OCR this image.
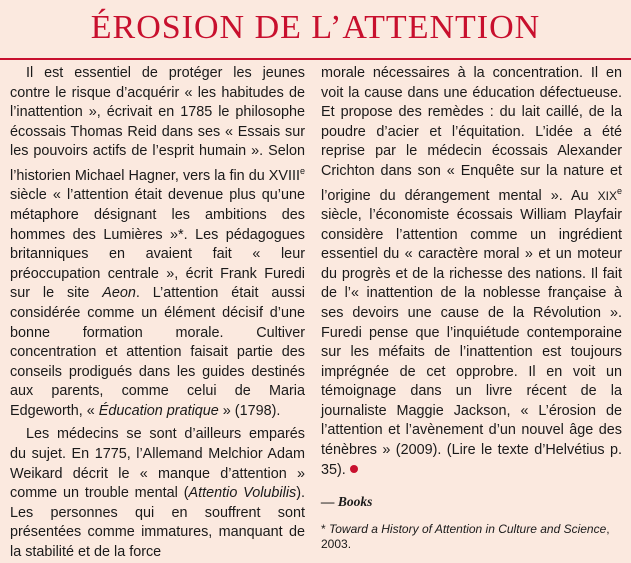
ÉROSION DE L’ATTENTION

Il est essentiel de protéger les jeunes contre le risque d’acquérir « les habitudes de l’inattention », écrivait en 1785 le philosophe écossais Thomas Reid dans ses « Essais sur les pouvoirs actifs de l’esprit humain ». Selon l’historien Michael Hagner, vers la fin du XVIIIe siècle « l’attention était devenue plus qu’une métaphore désignant les ambitions des hommes des Lumières »*. Les pédagogues britanniques en avaient fait « leur préoccupation centrale », écrit Frank Furedi sur le site Aeon. L’attention était aussi considérée comme un élément décisif d’une bonne formation morale. Cultiver concentration et attention faisait partie des conseils prodigués dans les guides destinés aux parents, comme celui de Maria Edgeworth, « Éducation pratique » (1798).

Les médecins se sont d’ailleurs emparés du sujet. En 1775, l’Allemand Melchior Adam Weikard décrit le « manque d’attention » comme un trouble mental (Attentio Volubilis). Les personnes qui en souffrent sont présentées comme immatures, manquant de la stabilité et de la force

morale nécessaires à la concentration. Il en voit la cause dans une éducation défectueuse. Et propose des remèdes : du lait caillé, de la poudre d’acier et l’équitation. L’idée a été reprise par le médecin écossais Alexander Crichton dans son « Enquête sur la nature et l’origine du dérangement mental ». Au XIXe siècle, l’économiste écossais William Playfair considère l’attention comme un ingrédient essentiel du « caractère moral » et un moteur du progrès et de la richesse des nations. Il fait de l’« inattention de la noblesse française à ses devoirs une cause de la Révolution ». Furedi pense que l’inquiétude contemporaine sur les méfaits de l’inattention est toujours imprégnée de cet opprobre. Il en voit un témoignage dans un livre récent de la journaliste Maggie Jackson, « L’érosion de l’attention et l’avènement d’un nouvel âge des ténèbres » (2009). (Lire le texte d’Helvétius p. 35).

— Books
* Toward a History of Attention in Culture and Science, 2003.
